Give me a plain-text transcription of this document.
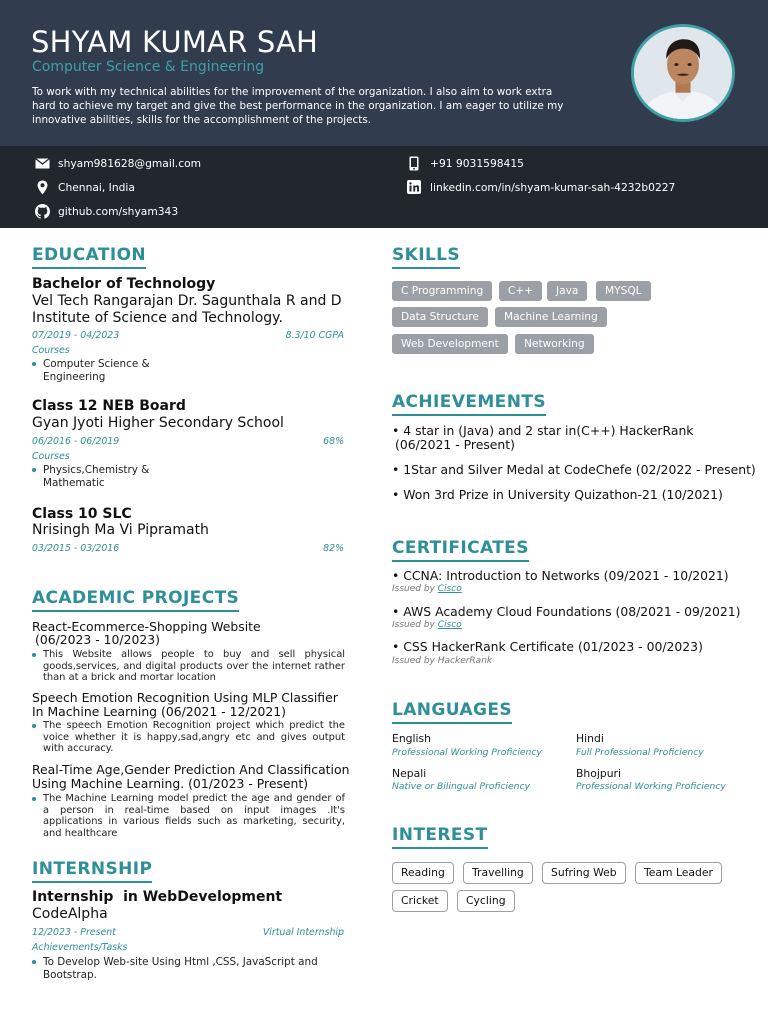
SHYAM KUMAR SAH
Computer Science & Engineering
To work with my technical abilities for the improvement of the organization. I also aim to work extra hard to achieve my target and give the best performance in the organization. I am eager to utilize my innovative abilities, skills for the accomplishment of the projects.
shyam981628@gmail.com	+91 9031598415
Chennai, India	linkedin.com/in/shyam-kumar-sah-4232b0227
github.com/shyam343
EDUCATION
Bachelor of Technology
Vel Tech Rangarajan Dr. Sagunthala R and D Institute of Science and Technology.
07/2019 - 04/2023	8.3/10 CGPA
Courses
Computer Science & Engineering
Class 12 NEB Board
Gyan Jyoti Higher Secondary School
06/2016 - 06/2019	68%
Courses
Physics,Chemistry & Mathematic
Class 10 SLC
Nrisingh Ma Vi Pipramath
03/2015 - 03/2016	82%
ACADEMIC PROJECTS
React-Ecommerce-Shopping Website
(06/2023 - 10/2023)
This Website allows people to buy and sell physical goods,services, and digital products over the internet rather than at a brick and mortar location
Speech Emotion Recognition Using MLP Classifier In Machine Learning (06/2021 - 12/2021)
The speech Emotion Recognition project which predict the voice whether it is happy,sad,angry etc and gives output with accuracy.
Real-Time Age,Gender Prediction And Classification Using Machine Learning. (01/2023 - Present)
The Machine Learning model predict the age and gender of a person in real-time based on input images .It's applications in various fields such as marketing, security, and healthcare
INTERNSHIP
Internship  in WebDevelopment
CodeAlpha
12/2023 - Present	Virtual Internship
Achievements/Tasks
To Develop Web-site Using Html ,CSS, JavaScript and Bootstrap.
SKILLS
C Programming	C++	Java	MYSQL
Data Structure	Machine Learning
Web Development	Networking
ACHIEVEMENTS
• 4 star in (Java) and 2 star in(C++) HackerRank
(06/2021 - Present)
• 1Star and Silver Medal at CodeChefe (02/2022 - Present)
• Won 3rd Prize in University Quizathon-21 (10/2021)
CERTIFICATES
• CCNA: Introduction to Networks (09/2021 - 10/2021)
Issued by Cisco
• AWS Academy Cloud Foundations (08/2021 - 09/2021)
Issued by Cisco
• CSS HackerRank Certificate (01/2023 - 00/2023)
Issued by HackerRank
LANGUAGES
English
Professional Working Proficiency
Hindi
Full Professional Proficiency
Nepali
Native or Bilingual Proficiency
Bhojpuri
Professional Working Proficiency
INTEREST
Reading	Travelling	Sufring Web	Team Leader
Cricket	Cycling
